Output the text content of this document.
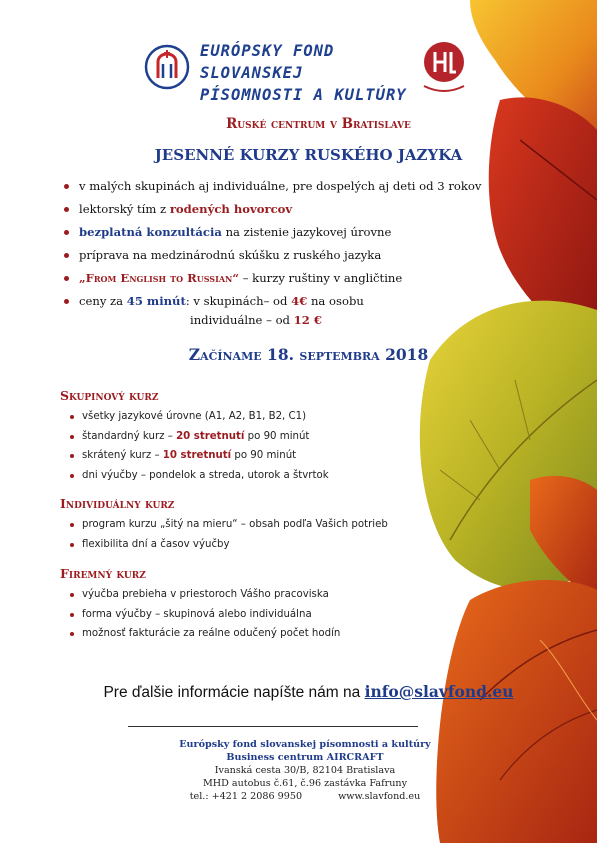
EURÓPSKY FOND SLOVANSKEJ
PÍSOMNOSTI A KULTÚRY
Ruské centrum v Bratislave
JESENNÉ KURZY RUSKÉHO JAZYKA
v malých skupinách aj individuálne, pre dospelých aj deti od 3 rokov
lektorský tím z rodených hovorcov
bezplatná konzultácia na zistenie jazykovej úrovne
príprava na medzinárodnú skúšku z ruského jazyka
„From English to Russian“ – kurzy ruštiny v angličtine
ceny za 45 minút: v skupinách– od 4€ na osobu
individuálne – od 12 €
Začíname 18. septembra 2018
Skupinový kurz
všetky jazykové úrovne (A1, A2, B1, B2, C1)
štandardný kurz – 20 stretnutí po 90 minút
skrátený kurz – 10 stretnutí po 90 minút
dni výučby – pondelok a streda, utorok a štvrtok
Individuálny kurz
program kurzu „šitý na mieru“ – obsah podľa Vašich potrieb
flexibilita dní a časov výučby
Firemný kurz
výučba prebieha v priestoroch Vášho pracoviska
forma výučby – skupinová alebo individuálna
možnosť fakturácie za reálne odučený počet hodín
Pre ďalšie informácie napíšte nám na info@slavfond.eu
Európsky fond slovanskej písomnosti a kultúry
Business centrum AIRCRAFT
Ivanská cesta 30/B, 82104 Bratislava
MHD autobus č.61, č.96 zastávka Fafruny
tel.: +421 2 2086 9950	www.slavfond.eu
